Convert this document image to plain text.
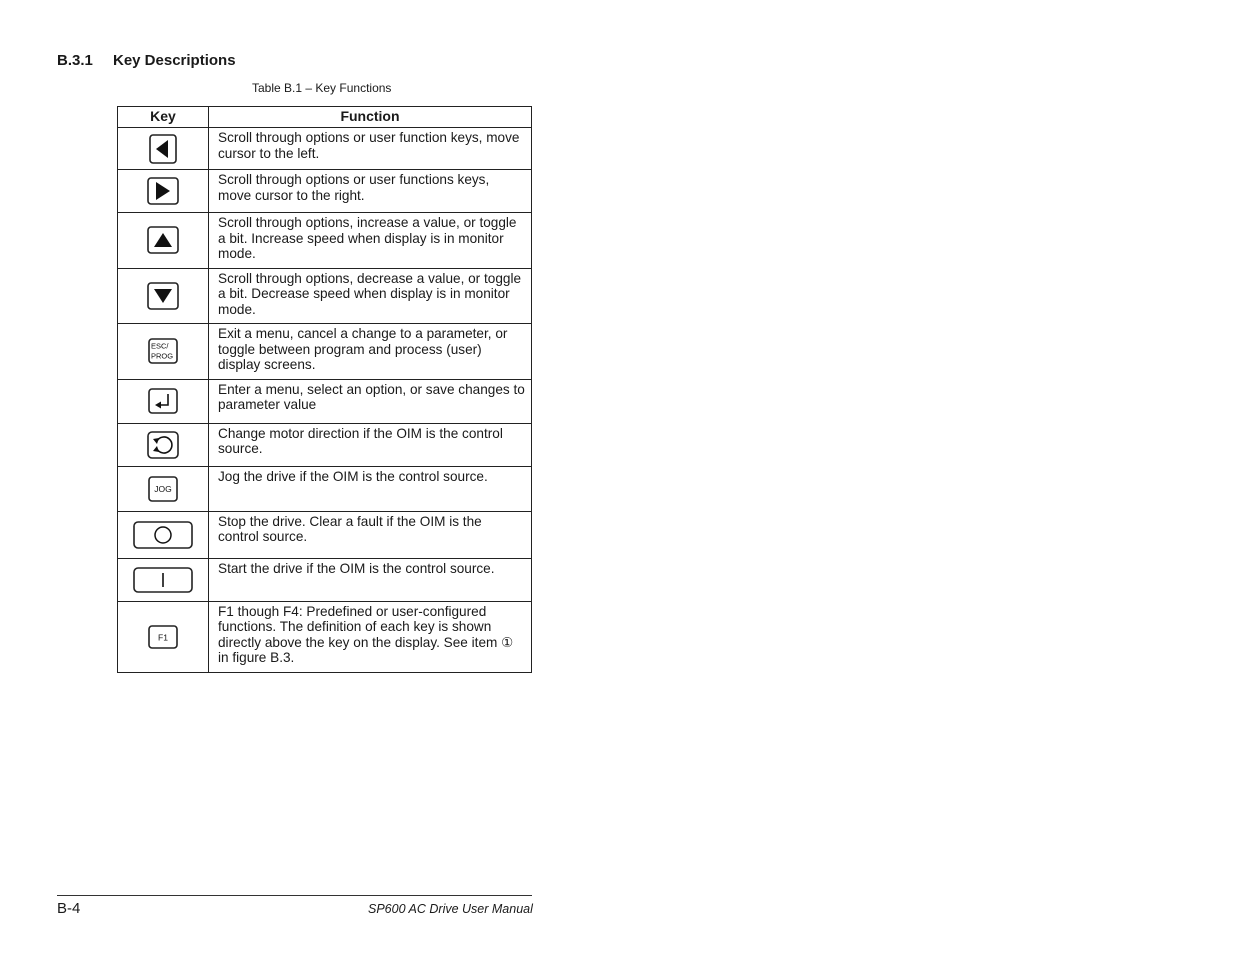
B.3.1 Key Descriptions
Table B.1 – Key Functions
Key	Function

	Scroll through options or user function keys, move cursor to the left.

	Scroll through options or user functions keys, move cursor to the right.

	Scroll through options, increase a value, or toggle a bit. Increase speed when display is in monitor mode.

	Scroll through options, decrease a value, or toggle a bit. Decrease speed when display is in monitor mode.

ESC/
PROG	Exit a menu, cancel a change to a parameter, or toggle between program and process (user) display screens.

	Enter a menu, select an option, or save changes to parameter value

	Change motor direction if the OIM is the control source.

JOG	Jog the drive if the OIM is the control source.

	Stop the drive. Clear a fault if the OIM is the control source.

	Start the drive if the OIM is the control source.

F1	F1 though F4: Predefined or user-configured functions. The definition of each key is shown directly above the key on the display. See item ① in figure B.3.
B-4	SP600 AC Drive User Manual
